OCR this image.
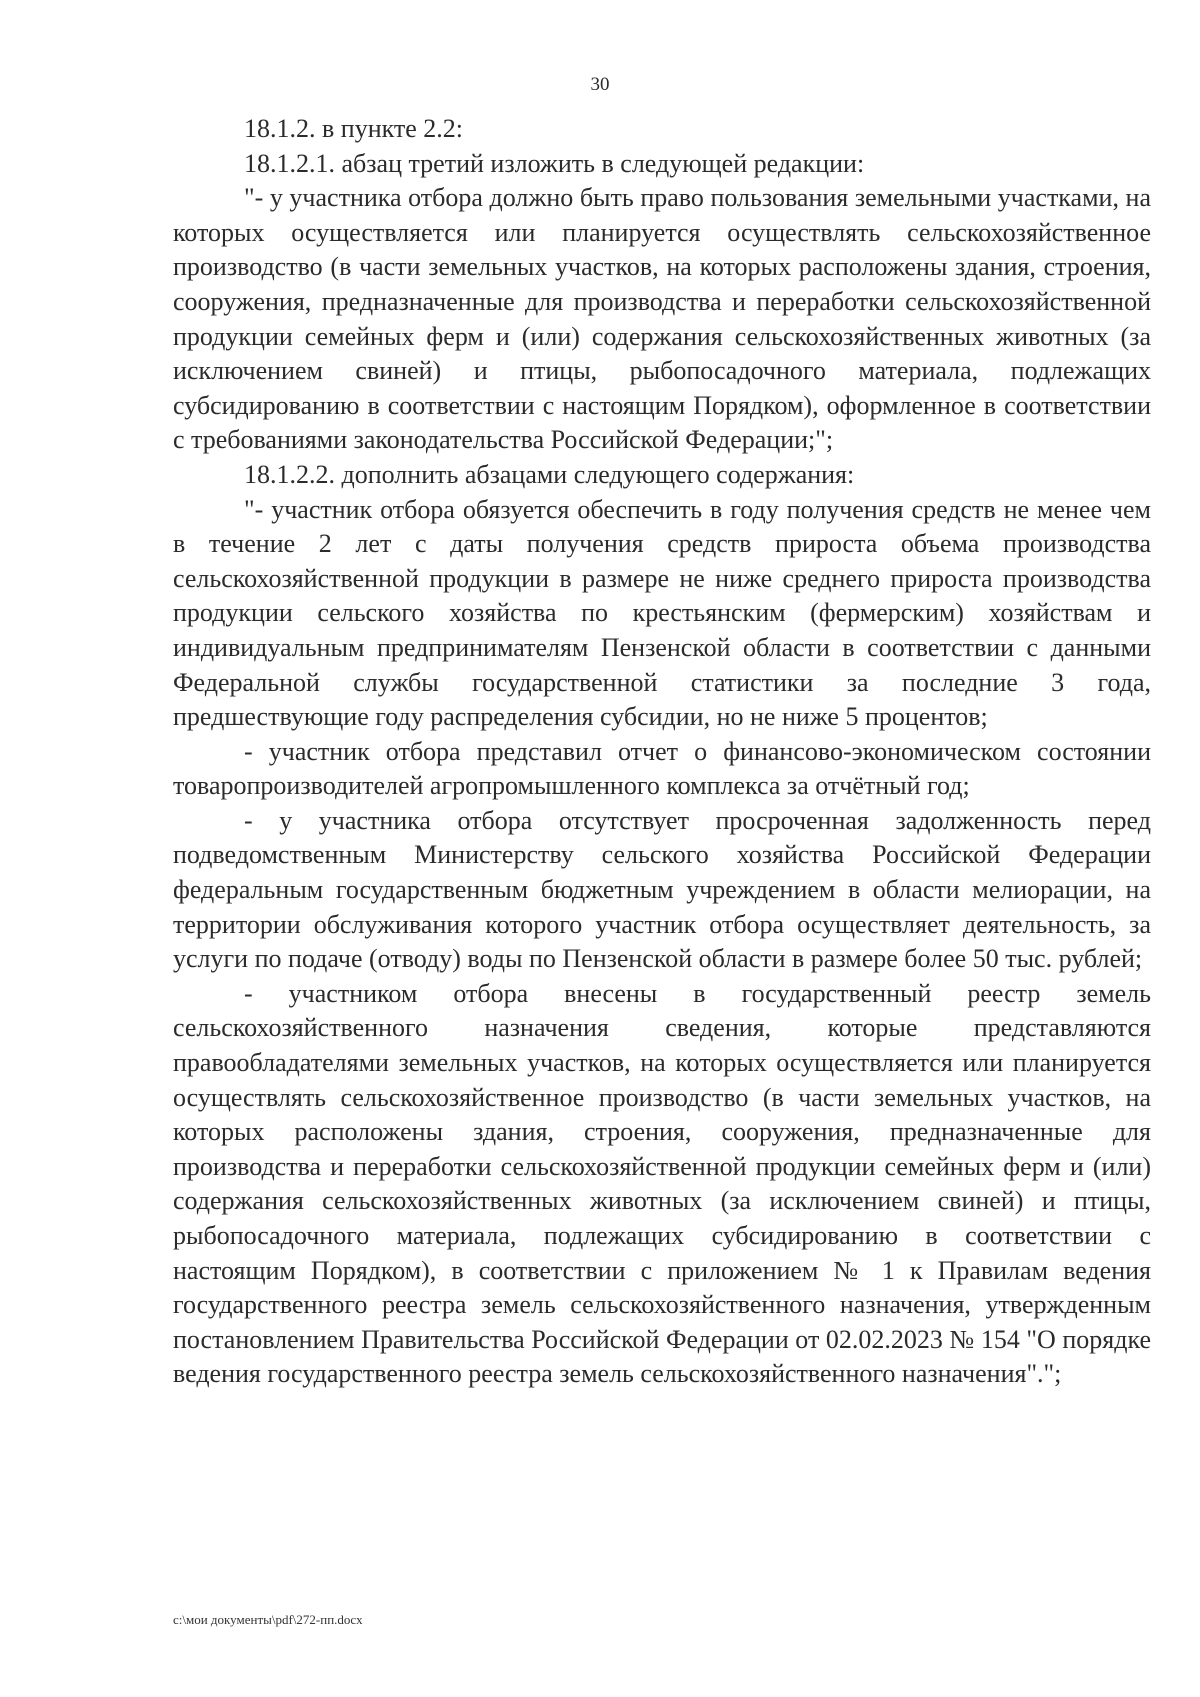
30

18.1.2. в пункте 2.2:

18.1.2.1. абзац третий изложить в следующей редакции:

"- у участника отбора должно быть право пользования земельными участками, на которых осуществляется или планируется осуществлять сельскохозяйственное производство (в части земельных участков, на которых расположены здания, строения, сооружения, предназначенные для производства и переработки сельскохозяйственной продукции семейных ферм и (или) содержания сельскохозяйственных животных (за исключением свиней) и птицы, рыбопосадочного материала, подлежащих субсидированию в соответствии с настоящим Порядком), оформленное в соответствии с требованиями законодательства Российской Федерации;";

18.1.2.2. дополнить абзацами следующего содержания:

"- участник отбора обязуется обеспечить в году получения средств не менее чем в течение 2 лет с даты получения средств прироста объема производства сельскохозяйственной продукции в размере не ниже среднего прироста производства продукции сельского хозяйства по крестьянским (фермерским) хозяйствам и индивидуальным предпринимателям Пензенской области в соответствии с данными Федеральной службы государственной статистики за последние 3 года, предшествующие году распределения субсидии, но не ниже 5 процентов;

- участник отбора представил отчет о финансово-экономическом состоянии товаропроизводителей агропромышленного комплекса за отчётный год;

- у участника отбора отсутствует просроченная задолженность перед подведомственным Министерству сельского хозяйства Российской Федерации федеральным государственным бюджетным учреждением в области мелиорации, на территории обслуживания которого участник отбора осуществляет деятельность, за услуги по подаче (отводу) воды по Пензенской области в размере более 50 тыс. рублей;

- участником отбора внесены в государственный реестр земель сельскохозяйственного назначения сведения, которые представляются правообладателями земельных участков, на которых осуществляется или планируется осуществлять сельскохозяйственное производство (в части земельных участков, на которых расположены здания, строения, сооружения, предназначенные для производства и переработки сельскохозяйственной продукции семейных ферм и (или) содержания сельскохозяйственных животных (за исключением свиней) и птицы, рыбопосадочного материала, подлежащих субсидированию в соответствии с настоящим Порядком), в соответствии с приложением № 1 к Правилам ведения государственного реестра земель сельскохозяйственного назначения, утвержденным постановлением Правительства Российской Федерации от 02.02.2023 № 154 "О порядке ведения государственного реестра земель сельскохозяйственного назначения".";

c:\мои документы\pdf\272-пп.docx
